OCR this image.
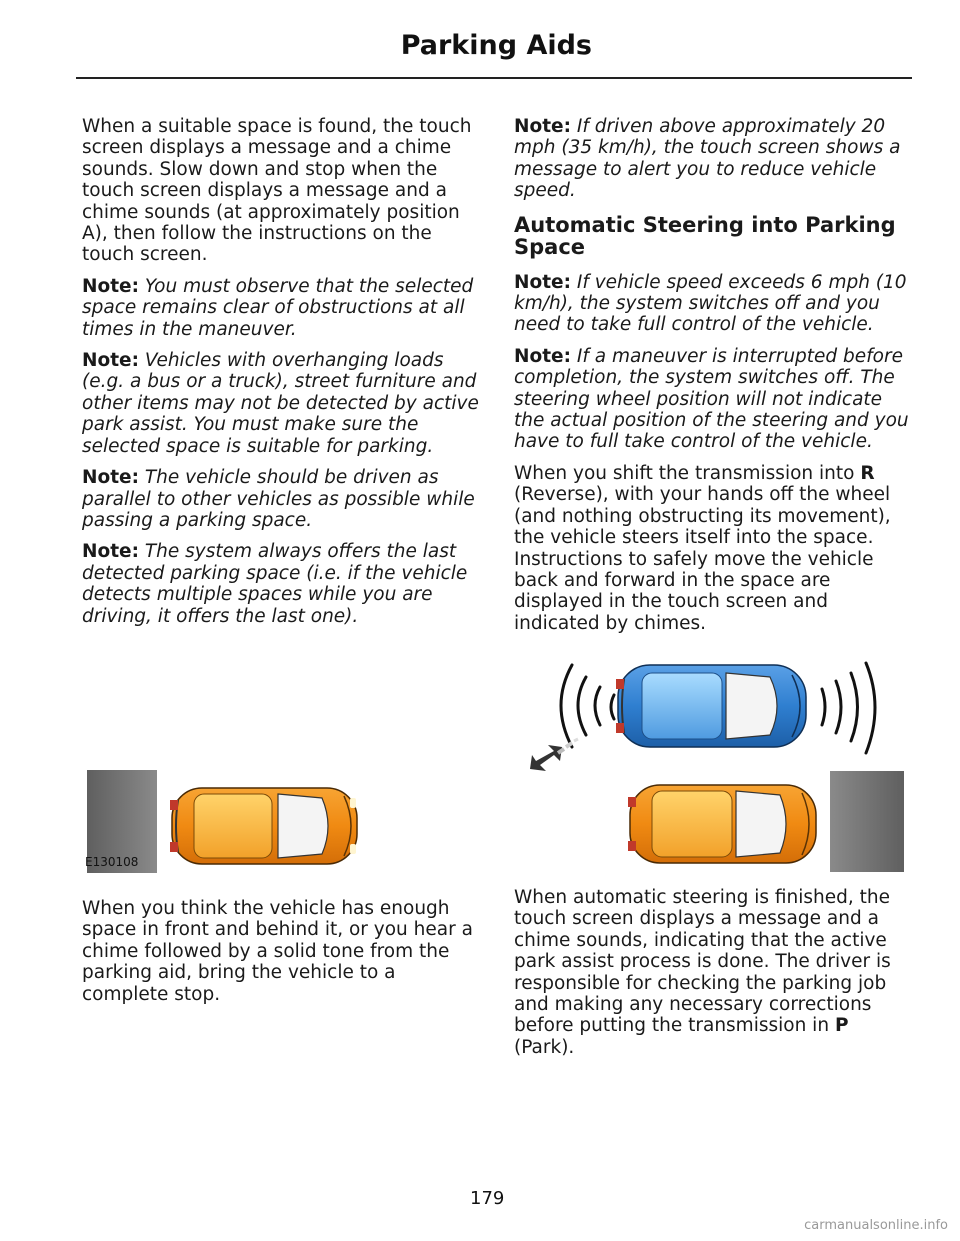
Parking Aids

When a suitable space is found, the touch screen displays a message and a chime sounds. Slow down and stop when the touch screen displays a message and a chime sounds (at approximately position A), then follow the instructions on the touch screen.

Note: You must observe that the selected space remains clear of obstructions at all times in the maneuver.

Note: Vehicles with overhanging loads (e.g. a bus or a truck), street furniture and other items may not be detected by active park assist. You must make sure the selected space is suitable for parking.

Note: The vehicle should be driven as parallel to other vehicles as possible while passing a parking space.

Note: The system always offers the last detected parking space (i.e. if the vehicle detects multiple spaces while you are driving, it offers the last one).

E130108
When you think the vehicle has enough space in front and behind it, or you hear a chime followed by a solid tone from the parking aid, bring the vehicle to a complete stop.

Note: If driven above approximately 20 mph (35 km/h), the touch screen shows a message to alert you to reduce vehicle speed.

Automatic Steering into Parking Space

Note: If vehicle speed exceeds 6 mph (10 km/h), the system switches off and you need to take full control of the vehicle.

Note: If a maneuver is interrupted before completion, the system switches off. The steering wheel position will not indicate the actual position of the steering and you have to full take control of the vehicle.

When you shift the transmission into R (Reverse), with your hands off the wheel (and nothing obstructing its movement), the vehicle steers itself into the space. Instructions to safely move the vehicle back and forward in the space are displayed in the touch screen and indicated by chimes.

When automatic steering is finished, the touch screen displays a message and a chime sounds, indicating that the active park assist process is done. The driver is responsible for checking the parking job and making any necessary corrections before putting the transmission in P (Park).
179
carmanualsonline.info
